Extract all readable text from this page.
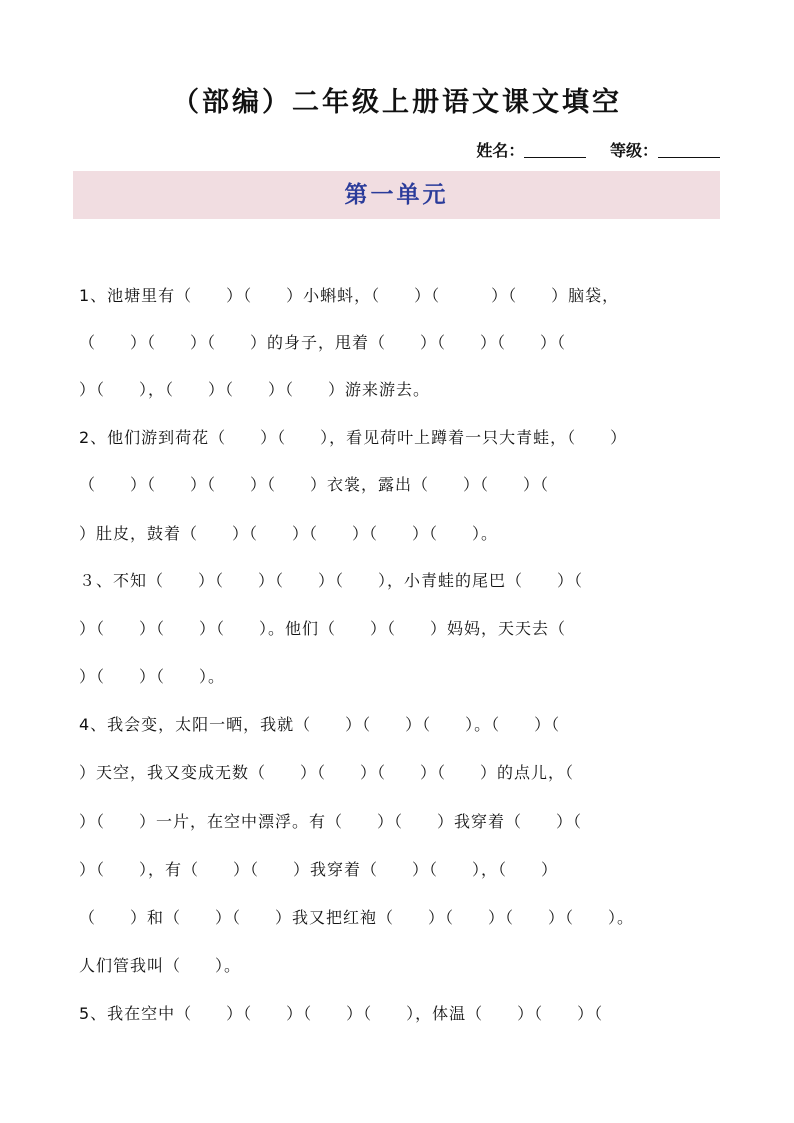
（部编）二年级上册语文课文填空
姓名：	等级：
第一单元
1、池塘里有（　　）（　　）小蝌蚪，（　　）（　　　）（　　）脑袋，
（　　）（　　）（　　）的身子，甩着（　　）（　　）（　　）（
）（　　），（　　）（　　）（　　）游来游去。
2、他们游到荷花（　　）（　　），看见荷叶上蹲着一只大青蛙，（　　）
（　　）（　　）（　　）（　　）衣裳，露出（　　）（　　）（
）肚皮，鼓着（　　）（　　）（　　）（　　）（　　）。
３、不知（　　）（　　）（　　）（　　），小青蛙的尾巴（　　）（
）（　　）（　　）（　　）。他们（　　）（　　）妈妈，天天去（
）（　　）（　　）。
4、我会变，太阳一晒，我就（　　）（　　）（　　）。（　　）（
）天空，我又变成无数（　　）（　　）（　　）（　　）的点儿，（
）（　　）一片，在空中漂浮。有（　　）（　　）我穿着（　　）（
）（　　），有（　　）（　　）我穿着（　　）（　　），（　　）
（　　）和（　　）（　　）我又把红袍（　　）（　　）（　　）（　　）。
人们管我叫（　　）。
5、我在空中（　　）（　　）（　　）（　　），体温（　　）（　　）（
